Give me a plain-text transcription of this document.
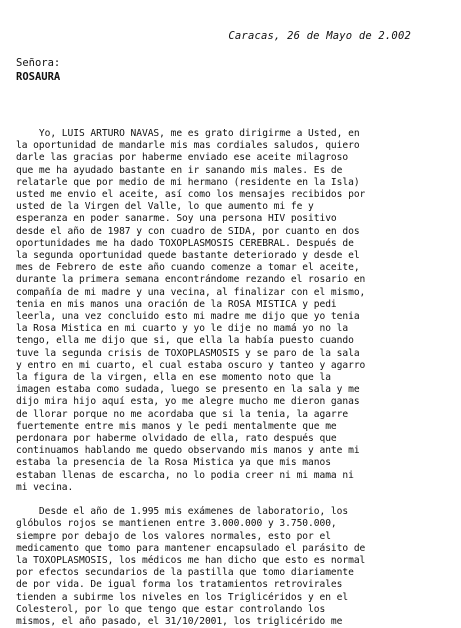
Caracas, 26 de Mayo de 2.002
Señora:
ROSAURA
Yo, LUIS ARTURO NAVAS, me es grato dirigirme a Usted, en
la oportunidad de mandarle mis mas cordiales saludos, quiero
darle las gracias por haberme enviado ese aceite milagroso
que me ha ayudado bastante en ir sanando mis males. Es de
relatarle que por medio de mi hermano (residente en la Isla)
usted me envio el aceite, así como los mensajes recibidos por
usted de la Virgen del Valle, lo que aumento mi fe y
esperanza en poder sanarme. Soy una persona HIV positivo
desde el año de 1987 y con cuadro de SIDA, por cuanto en dos
oportunidades me ha dado TOXOPLASMOSIS CEREBRAL. Después de
la segunda oportunidad quede bastante deteriorado y desde el
mes de Febrero de este año cuando comenze a tomar el aceite,
durante la primera semana encontrándome rezando el rosario en
compañía de mi madre y una vecina, al finalizar con el mismo,
tenia en mis manos una oración de la ROSA MISTICA y pedi
leerla, una vez concluido esto mi madre me dijo que yo tenia
la Rosa Mistica en mi cuarto y yo le dije no mamá yo no la
tengo, ella me dijo que si, que ella la había puesto cuando
tuve la segunda crisis de TOXOPLASMOSIS y se paro de la sala
y entro en mi cuarto, el cual estaba oscuro y tanteo y agarro
la figura de la virgen, ella en ese momento noto que la
imagen estaba como sudada, luego se presento en la sala y me
dijo mira hijo aquí esta, yo me alegre mucho me dieron ganas
de llorar porque no me acordaba que si la tenia, la agarre
fuertemente entre mis manos y le pedi mentalmente que me
perdonara por haberme olvidado de ella, rato después que
continuamos hablando me quedo observando mis manos y ante mi
estaba la presencia de la Rosa Mistica ya que mis manos
estaban llenas de escarcha, no lo podia creer ni mi mama ni
mi vecina.
Desde el año de 1.995 mis exámenes de laboratorio, los
glóbulos rojos se mantienen entre 3.000.000 y 3.750.000,
siempre por debajo de los valores normales, esto por el
medicamento que tomo para mantener encapsulado el parásito de
la TOXOPLASMOSIS, los médicos me han dicho que esto es normal
por efectos secundarios de la pastilla que tomo diariamente
de por vida. De igual forma los tratamientos retrovirales
tienden a subirme los niveles en los Triglicéridos y en el
Colesterol, por lo que tengo que estar controlando los
mismos, el año pasado, el 31/10/2001, los triglicérido me
